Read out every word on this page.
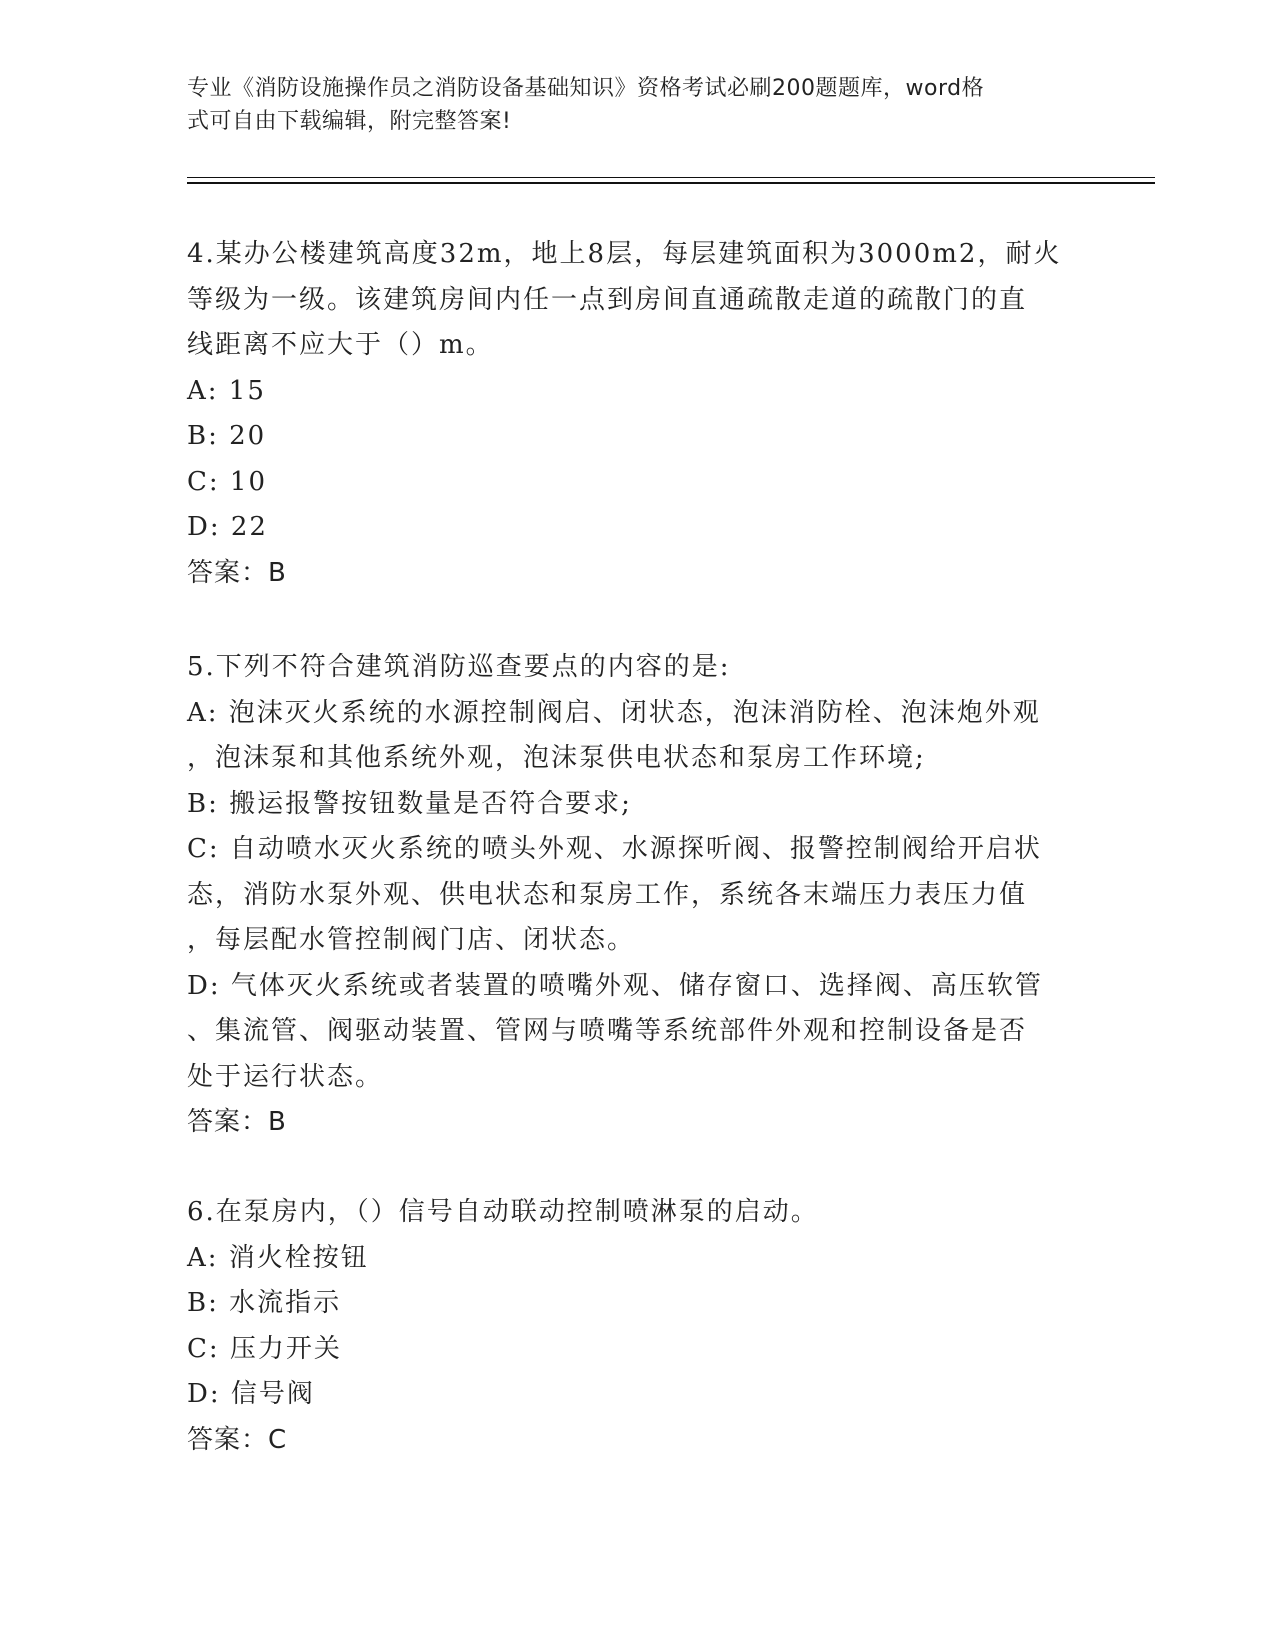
专业《消防设施操作员之消防设备基础知识》资格考试必刷200题题库，word格
式可自由下载编辑，附完整答案!

4.某办公楼建筑高度32m，地上8层，每层建筑面积为3000m2，耐火

等级为一级。该建筑房间内任一点到房间直通疏散走道的疏散门的直

线距离不应大于（）m。

A: 15

B: 20

C: 10

D: 22

答案：B

5.下列不符合建筑消防巡查要点的内容的是:

A: 泡沫灭火系统的水源控制阀启、闭状态，泡沫消防栓、泡沫炮外观

，泡沫泵和其他系统外观，泡沫泵供电状态和泵房工作环境;

B: 搬运报警按钮数量是否符合要求;

C: 自动喷水灭火系统的喷头外观、水源探听阀、报警控制阀给开启状

态，消防水泵外观、供电状态和泵房工作，系统各末端压力表压力值

，每层配水管控制阀门店、闭状态。

D: 气体灭火系统或者装置的喷嘴外观、储存窗口、选择阀、高压软管

、集流管、阀驱动装置、管网与喷嘴等系统部件外观和控制设备是否

处于运行状态。

答案：B

6.在泵房内，（）信号自动联动控制喷淋泵的启动。

A: 消火栓按钮

B: 水流指示

C: 压力开关

D: 信号阀

答案：C
